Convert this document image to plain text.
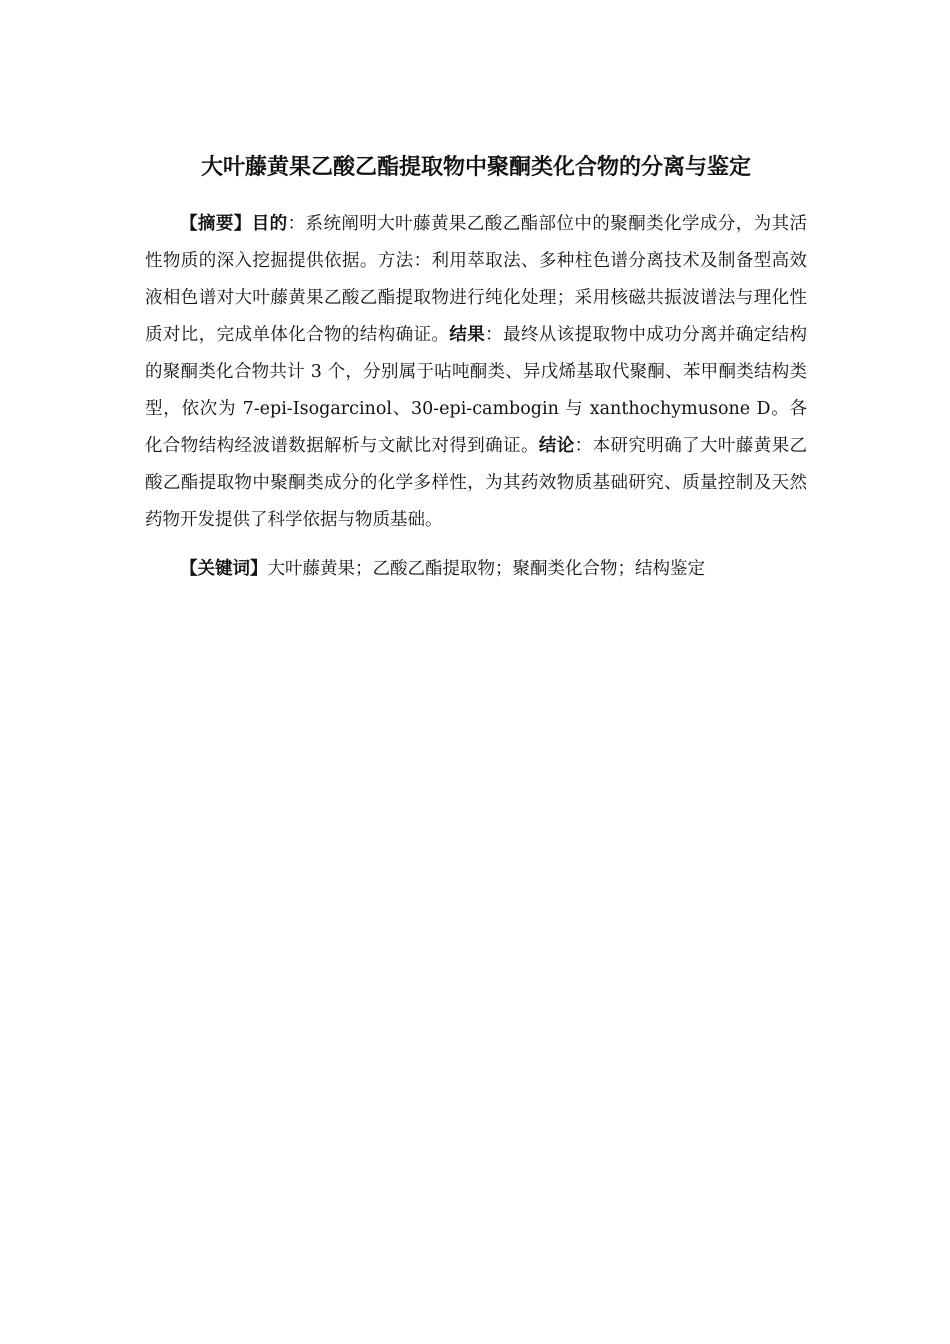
大叶藤黄果乙酸乙酯提取物中聚酮类化合物的分离与鉴定

【摘要】目的：系统阐明大叶藤黄果乙酸乙酯部位中的聚酮类化学成分，为其活性物质的深入挖掘提供依据。方法：利用萃取法、多种柱色谱分离技术及制备型高效液相色谱对大叶藤黄果乙酸乙酯提取物进行纯化处理；采用核磁共振波谱法与理化性质对比，完成单体化合物的结构确证。结果：最终从该提取物中成功分离并确定结构的聚酮类化合物共计 3 个，分别属于呫吨酮类、异戊烯基取代聚酮、苯甲酮类结构类型，依次为 7-epi-Isogarcinol、30-epi-cambogin 与 xanthochymusone D。各化合物结构经波谱数据解析与文献比对得到确证。结论：本研究明确了大叶藤黄果乙酸乙酯提取物中聚酮类成分的化学多样性，为其药效物质基础研究、质量控制及天然药物开发提供了科学依据与物质基础。

【关键词】大叶藤黄果；乙酸乙酯提取物；聚酮类化合物；结构鉴定
